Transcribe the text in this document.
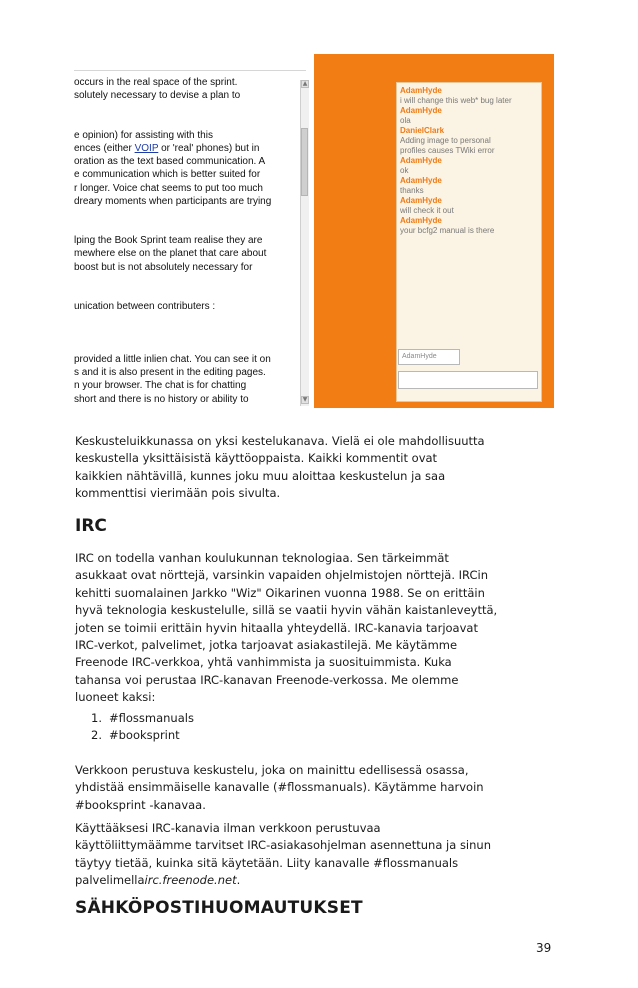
occurs in the real space of the sprint.
solutely necessary to devise a plan to
e opinion) for assisting with this
ences (either VOIP or 'real' phones) but in
oration as the text based communication. A
e communication which is better suited for
r longer. Voice chat seems to put too much
dreary moments when participants are trying
lping the Book Sprint team realise they are
mewhere else on the planet that care about
boost but is not absolutely necessary for
unication between contributers :
provided a little inlien chat. You can see it on
s and it is also present in the editing pages.
n your browser. The chat is for chatting
short and there is no history or ability to
▲
▼
AdamHyde
i will change this web* bug later
AdamHyde
ola
DanielClark
Adding image to personal
profiles causes TWiki error
AdamHyde
ok
AdamHyde
thanks
AdamHyde
will check it out
AdamHyde
your bcfg2 manual is there
AdamHyde

Keskusteluikkunassa on yksi kestelukanava. Vielä ei ole mahdollisuutta
keskustella yksittäisistä käyttöoppaista. Kaikki kommentit ovat
kaikkien nähtävillä, kunnes joku muu aloittaa keskustelun ja saa
kommenttisi vierimään pois sivulta.

IRC

IRC on todella vanhan koulukunnan teknologiaa. Sen tärkeimmät
asukkaat ovat nörttejä, varsinkin vapaiden ohjelmistojen nörttejä. IRCin
kehitti suomalainen Jarkko "Wiz" Oikarinen vuonna 1988. Se on erittäin
hyvä teknologia keskustelulle, sillä se vaatii hyvin vähän kaistanleveyttä,
joten se toimii erittäin hyvin hitaalla yhteydellä. IRC-kanavia tarjoavat
IRC-verkot, palvelimet, jotka tarjoavat asiakastilejä. Me käytämme
Freenode IRC-verkkoa, yhtä vanhimmista ja suosituimmista. Kuka
tahansa voi perustaa IRC-kanavan Freenode-verkossa. Me olemme
luoneet kaksi:

1. #flossmanuals
2. #booksprint

Verkkoon perustuva keskustelu, joka on mainittu edellisessä osassa,
yhdistää ensimmäiselle kanavalle (#flossmanuals). Käytämme harvoin
#booksprint -kanavaa.

Käyttääksesi IRC-kanavia ilman verkkoon perustuvaa
käyttöliittymäämme tarvitset IRC-asiakasohjelman asennettuna ja sinun
täytyy tietää, kuinka sitä käytetään. Liity kanavalle #flossmanuals
palvelimellairc.freenode.net.

SÄHKÖPOSTIHUOMAUTUKSET
39
